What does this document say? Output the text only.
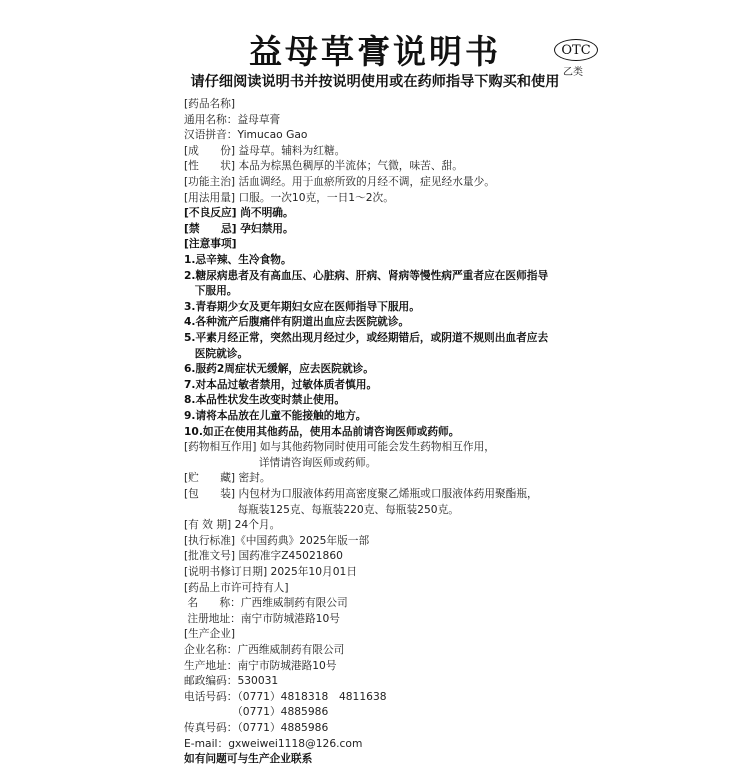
益母草膏说明书	OTC
乙类
请仔细阅读说明书并按说明使用或在药师指导下购买和使用
[药品名称]
通用名称：益母草膏
汉语拼音：Yimucao Gao
[成　　份] 益母草。辅料为红糖。
[性　　状] 本品为棕黑色稠厚的半流体；气微，味苦、甜。
[功能主治] 活血调经。用于血瘀所致的月经不调，症见经水量少。
[用法用量] 口服。一次10克，一日1～2次。
[不良反应] 尚不明确。
[禁　　忌] 孕妇禁用。
[注意事项]
1.忌辛辣、生冷食物。
2.糖尿病患者及有高血压、心脏病、肝病、肾病等慢性病严重者应在医师指导
　下服用。
3.青春期少女及更年期妇女应在医师指导下服用。
4.各种流产后腹痛伴有阴道出血应去医院就诊。
5.平素月经正常，突然出现月经过少，或经期错后，或阴道不规则出血者应去
　医院就诊。
6.服药2周症状无缓解，应去医院就诊。
7.对本品过敏者禁用，过敏体质者慎用。
8.本品性状发生改变时禁止使用。
9.请将本品放在儿童不能接触的地方。
10.如正在使用其他药品，使用本品前请咨询医师或药师。
[药物相互作用] 如与其他药物同时使用可能会发生药物相互作用，
　　　　　　　详情请咨询医师或药师。
[贮　　藏] 密封。
[包　　装] 内包材为口服液体药用高密度聚乙烯瓶或口服液体药用聚酯瓶，
　　　　　每瓶装125克、每瓶装220克、每瓶装250克。
[有 效 期] 24个月。
[执行标准]《中国药典》2025年版一部
[批准文号] 国药准字Z45021860
[说明书修订日期] 2025年10月01日
[药品上市许可持有人]
名　　称：广西维威制药有限公司
注册地址：南宁市防城港路10号
[生产企业]
企业名称：广西维威制药有限公司
生产地址：南宁市防城港路10号
邮政编码：530031
电话号码：（0771）4818318　4811638
　　　　　（0771）4885986
传真号码：（0771）4885986
E-mail：gxweiwei1118@126.com
如有问题可与生产企业联系
